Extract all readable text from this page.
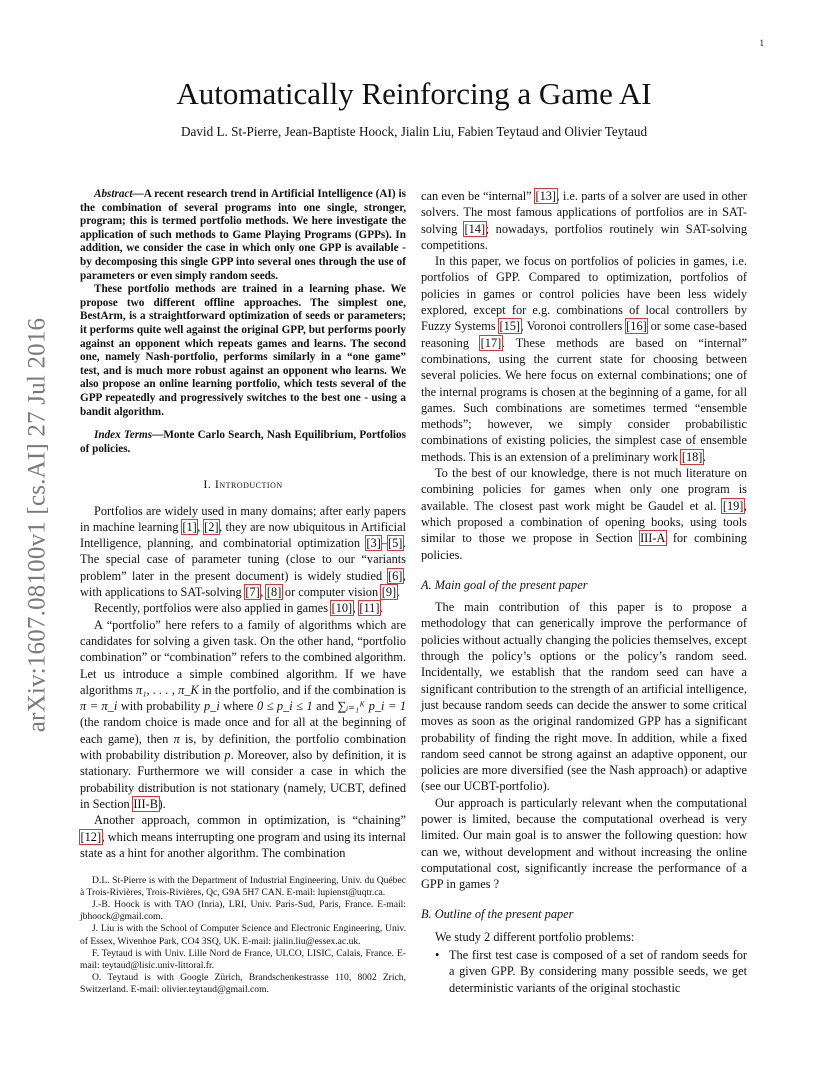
1
arXiv:1607.08100v1 [cs.AI] 27 Jul 2016
Automatically Reinforcing a Game AI
David L. St-Pierre, Jean-Baptiste Hoock, Jialin Liu, Fabien Teytaud and Olivier Teytaud

Abstract—A recent research trend in Artificial Intelligence (AI) is the combination of several programs into one single, stronger, program; this is termed portfolio methods. We here investigate the application of such methods to Game Playing Programs (GPPs). In addition, we consider the case in which only one GPP is available - by decomposing this single GPP into several ones through the use of parameters or even simply random seeds.

These portfolio methods are trained in a learning phase. We propose two different offline approaches. The simplest one, BestArm, is a straightforward optimization of seeds or parameters; it performs quite well against the original GPP, but performs poorly against an opponent which repeats games and learns. The second one, namely Nash-portfolio, performs similarly in a “one game” test, and is much more robust against an opponent who learns. We also propose an online learning portfolio, which tests several of the GPP repeatedly and progressively switches to the best one - using a bandit algorithm.

Index Terms—Monte Carlo Search, Nash Equilibrium, Portfolios of policies.

I. Introduction

Portfolios are widely used in many domains; after early papers in machine learning [1], [2], they are now ubiquitous in Artificial Intelligence, planning, and combinatorial optimization [3]–[5]. The special case of parameter tuning (close to our “variants problem” later in the present document) is widely studied [6], with applications to SAT-solving [7], [8] or computer vision [9].

Recently, portfolios were also applied in games [10], [11].

A “portfolio” here refers to a family of algorithms which are candidates for solving a given task. On the other hand, “portfolio combination” or “combination” refers to the combined algorithm. Let us introduce a simple combined algorithm. If we have algorithms π₁, . . . , π_K in the portfolio, and if the combination is π = π_i with probability p_i where 0 ≤ p_i ≤ 1 and ∑ᵢ₌₁ᴷ p_i = 1 (the random choice is made once and for all at the beginning of each game), then π is, by definition, the portfolio combination with probability distribution p. Moreover, also by definition, it is stationary. Furthermore we will consider a case in which the probability distribution is not stationary (namely, UCBT, defined in Section III-B).

Another approach, common in optimization, is “chaining” [12], which means interrupting one program and using its internal state as a hint for another algorithm. The combination

D.L. St-Pierre is with the Department of Industrial Engineering, Univ. du Québec à Trois-Rivières, Trois-Rivières, Qc, G9A 5H7 CAN. E-mail: lupienst@uqtr.ca.

J.-B. Hoock is with TAO (Inria), LRI, Univ. Paris-Sud, Paris, France. E-mail: jbhoock@gmail.com.

J. Liu is with the School of Computer Science and Electronic Engineering, Univ. of Essex, Wivenhoe Park, CO4 3SQ, UK. E-mail: jialin.liu@essex.ac.uk.

F. Teytaud is with Univ. Lille Nord de France, ULCO, LISIC, Calais, France. E-mail: teytaud@lisic.univ-littoral.fr.

O. Teytaud is with Google Zürich, Brandschenkestrasse 110, 8002 Zrich, Switzerland. E-mail: olivier.teytaud@gmail.com.

can even be “internal” [13], i.e. parts of a solver are used in other solvers. The most famous applications of portfolios are in SAT-solving [14]; nowadays, portfolios routinely win SAT-solving competitions.

In this paper, we focus on portfolios of policies in games, i.e. portfolios of GPP. Compared to optimization, portfolios of policies in games or control policies have been less widely explored, except for e.g. combinations of local controllers by Fuzzy Systems [15], Voronoi controllers [16] or some case-based reasoning [17]. These methods are based on “internal” combinations, using the current state for choosing between several policies. We here focus on external combinations; one of the internal programs is chosen at the beginning of a game, for all games. Such combinations are sometimes termed “ensemble methods”; however, we simply consider probabilistic combinations of existing policies, the simplest case of ensemble methods. This is an extension of a preliminary work [18].

To the best of our knowledge, there is not much literature on combining policies for games when only one program is available. The closest past work might be Gaudel et al. [19], which proposed a combination of opening books, using tools similar to those we propose in Section III-A for combining policies.

A. Main goal of the present paper

The main contribution of this paper is to propose a methodology that can generically improve the performance of policies without actually changing the policies themselves, except through the policy’s options or the policy’s random seed. Incidentally, we establish that the random seed can have a significant contribution to the strength of an artificial intelligence, just because random seeds can decide the answer to some critical moves as soon as the original randomized GPP has a significant probability of finding the right move. In addition, while a fixed random seed cannot be strong against an adaptive opponent, our policies are more diversified (see the Nash approach) or adaptive (see our UCBT-portfolio).

Our approach is particularly relevant when the computational power is limited, because the computational overhead is very limited. Our main goal is to answer the following question: how can we, without development and without increasing the online computational cost, significantly increase the performance of a GPP in games ?

B. Outline of the present paper

We study 2 different portfolio problems:

• The first test case is composed of a set of random seeds for a given GPP. By considering many possible seeds, we get deterministic variants of the original stochastic
